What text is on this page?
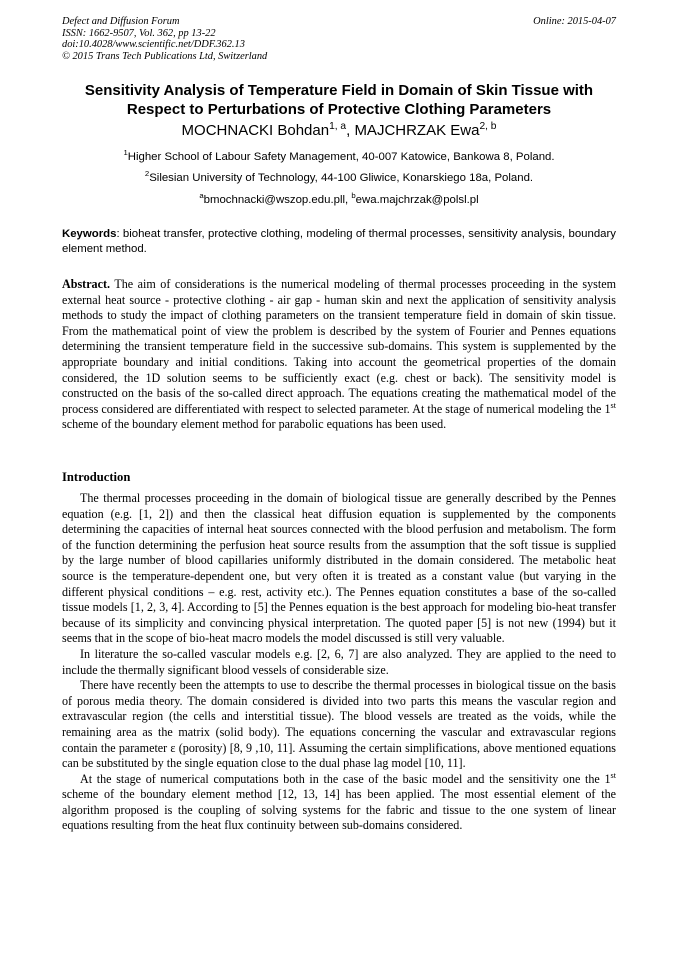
Defect and Diffusion Forum
ISSN: 1662-9507, Vol. 362, pp 13-22
doi:10.4028/www.scientific.net/DDF.362.13
© 2015 Trans Tech Publications Ltd, Switzerland
Online: 2015-04-07
Sensitivity Analysis of Temperature Field in Domain of Skin Tissue with
Respect to Perturbations of Protective Clothing Parameters
MOCHNACKI Bohdan$^{1, a}$, MAJCHRZAK Ewa$^{2, b}$
$^1$Higher School of Labour Safety Management, 40-007 Katowice, Bankowa 8, Poland.
$^2$Silesian University of Technology, 44-100 Gliwice, Konarskiego 18a, Poland.
$^a$bmochnacki@wszop.edu.pll, $^b$ewa.majchrzak@polsl.pl
Keywords: bioheat transfer, protective clothing, modeling of thermal processes, sensitivity analysis, boundary element method.

Abstract. The aim of considerations is the numerical modeling of thermal processes proceeding in the system external heat source - protective clothing - air gap - human skin and next the application of sensitivity analysis methods to study the impact of clothing parameters on the transient temperature field in domain of skin tissue. From the mathematical point of view the problem is described by the system of Fourier and Pennes equations determining the transient temperature field in the successive sub-domains. This system is supplemented by the appropriate boundary and initial conditions. Taking into account the geometrical properties of the domain considered, the 1D solution seems to be sufficiently exact (e.g. chest or back). The sensitivity model is constructed on the basis of the so-called direct approach. The equations creating the mathematical model of the process considered are differentiated with respect to selected parameter. At the stage of numerical modeling the 1st scheme of the boundary element method for parabolic equations has been used.

Introduction

The thermal processes proceeding in the domain of biological tissue are generally described by the Pennes equation (e.g. [1, 2]) and then the classical heat diffusion equation is supplemented by the components determining the capacities of internal heat sources connected with the blood perfusion and metabolism. The form of the function determining the perfusion heat source results from the assumption that the soft tissue is supplied by the large number of blood capillaries uniformly distributed in the domain considered. The metabolic heat source is the temperature-dependent one, but very often it is treated as a constant value (but varying in the different physical conditions – e.g. rest, activity etc.). The Pennes equation constitutes a base of the so-called tissue models [1, 2, 3, 4]. According to [5] the Pennes equation is the best approach for modeling bio-heat transfer because of its simplicity and convincing physical interpretation. The quoted paper [5] is not new (1994) but it seems that in the scope of bio-heat macro models the model discussed is still very valuable.

In literature the so-called vascular models e.g. [2, 6, 7] are also analyzed. They are applied to the need to include the thermally significant blood vessels of considerable size.

There have recently been the attempts to use to describe the thermal processes in biological tissue on the basis of porous media theory. The domain considered is divided into two parts this means the vascular region and extravascular region (the cells and interstitial tissue). The blood vessels are treated as the voids, while the remaining area as the matrix (solid body). The equations concerning the vascular and extravascular regions contain the parameter ε (porosity) [8, 9 ,10, 11]. Assuming the certain simplifications, above mentioned equations can be substituted by the single equation close to the dual phase lag model [10, 11].

At the stage of numerical computations both in the case of the basic model and the sensitivity one the 1st scheme of the boundary element method [12, 13, 14] has been applied. The most essential element of the algorithm proposed is the coupling of solving systems for the fabric and tissue to the one system of linear equations resulting from the heat flux continuity between sub-domains considered.
